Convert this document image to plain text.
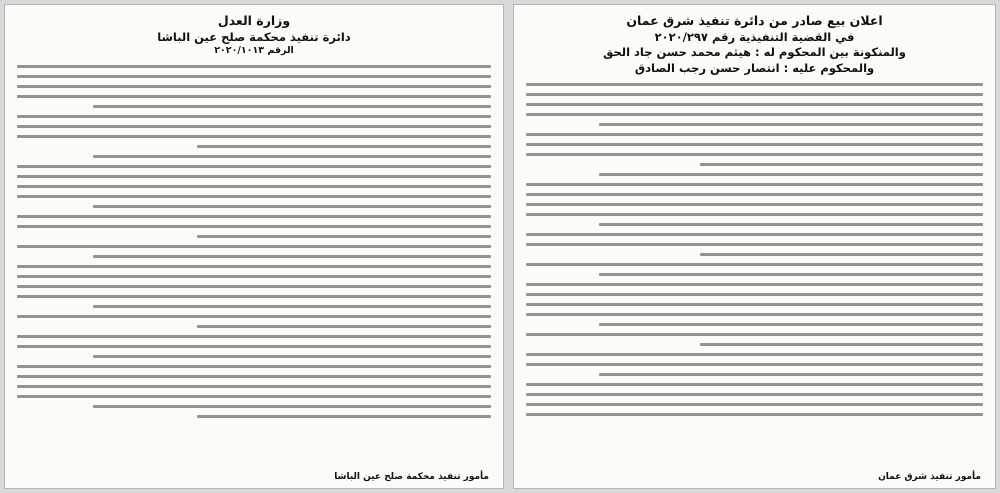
اعلان بيع صادر من دائرة تنفيذ شرق عمان
في القضية التنفيذية رقم ٢٠٢٠/٢٩٧
والمنكونة بين المحكوم له : هيثم محمد حسن جاد الحق
والمحكوم عليه : انتصار حسن رجب الصادق
مأمور تنفيذ شرق عمان
وزارة العدل
دائرة تنفيذ محكمة صلح عين الباشا
الرقم ٢٠٢٠/١٠١٣
مأمور تنفيذ محكمة صلح عين الباشا
